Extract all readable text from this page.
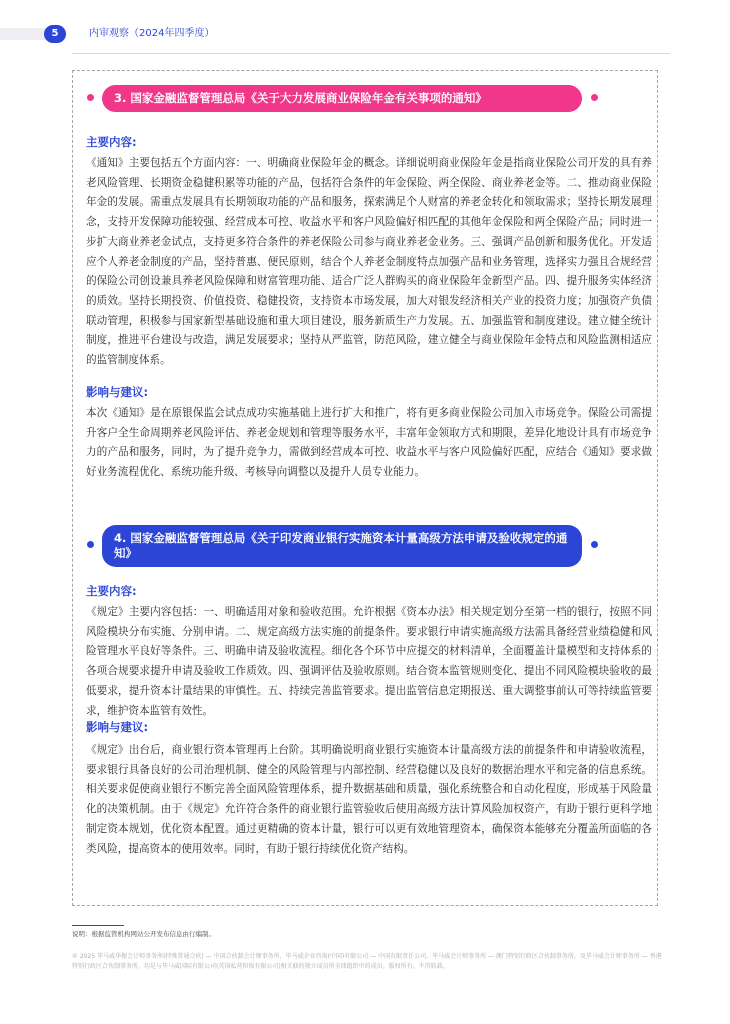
5	内审观察（2024年四季度）
3. 国家金融监督管理总局《关于大力发展商业保险年金有关事项的通知》
主要内容:

《通知》主要包括五个方面内容：一、明确商业保险年金的概念。详细说明商业保险年金是指商业保险公司开发的具有养老风险管理、长期资金稳健积累等功能的产品，包括符合条件的年金保险、两全保险、商业养老金等。二、推动商业保险年金的发展。需重点发展具有长期领取功能的产品和服务，探索满足个人财富的养老金转化和领取需求；坚持长期发展理念，支持开发保障功能较强、经营成本可控、收益水平和客户风险偏好相匹配的其他年金保险和两全保险产品；同时进一步扩大商业养老金试点，支持更多符合条件的养老保险公司参与商业养老金业务。三、强调产品创新和服务优化。开发适应个人养老金制度的产品，坚持普惠、便民原则，结合个人养老金制度特点加强产品和业务管理，选择实力强且合规经营的保险公司创设兼具养老风险保障和财富管理功能、适合广泛人群购买的商业保险年金新型产品。四、提升服务实体经济的质效。坚持长期投资、价值投资、稳健投资，支持资本市场发展，加大对银发经济相关产业的投资力度；加强资产负债联动管理，积极参与国家新型基础设施和重大项目建设，服务新质生产力发展。五、加强监管和制度建设。建立健全统计制度，推进平台建设与改造，满足发展要求；坚持从严监管，防范风险，建立健全与商业保险年金特点和风险监测相适应的监管制度体系。

影响与建议:

本次《通知》是在原银保监会试点成功实施基础上进行扩大和推广，将有更多商业保险公司加入市场竞争。保险公司需提升客户全生命周期养老风险评估、养老金规划和管理等服务水平，丰富年金领取方式和期限，差异化地设计具有市场竞争力的产品和服务，同时，为了提升竞争力，需做到经营成本可控、收益水平与客户风险偏好匹配，应结合《通知》要求做好业务流程优化、系统功能升级、考核导向调整以及提升人员专业能力。

4. 国家金融监督管理总局《关于印发商业银行实施资本计量高级方法申请及验收规定的通知》
主要内容:

《规定》主要内容包括：一、明确适用对象和验收范围。允许根据《资本办法》相关规定划分至第一档的银行，按照不同风险模块分布实施、分别申请。二、规定高级方法实施的前提条件。要求银行申请实施高级方法需具备经营业绩稳健和风险管理水平良好等条件。三、明确申请及验收流程。细化各个环节中应提交的材料清单，全面覆盖计量模型和支持体系的各项合规要求提升申请及验收工作质效。四、强调评估及验收原则。结合资本监管规则变化、提出不同风险模块验收的最低要求，提升资本计量结果的审慎性。五、持续完善监管要求。提出监管信息定期报送、重大调整事前认可等持续监管要求，维护资本监管有效性。

影响与建议:

《规定》出台后，商业银行资本管理再上台阶。其明确说明商业银行实施资本计量高级方法的前提条件和申请验收流程，要求银行具备良好的公司治理机制、健全的风险管理与内部控制、经营稳健以及良好的数据治理水平和完备的信息系统。相关要求促使商业银行不断完善全面风险管理体系，提升数据基础和质量，强化系统整合和自动化程度，形成基于风险量化的决策机制。由于《规定》允许符合条件的商业银行监管验收后使用高级方法计算风险加权资产，有助于银行更科学地制定资本规划，优化资本配置。通过更精确的资本计量，银行可以更有效地管理资本，确保资本能够充分覆盖所面临的各类风险，提高资本的使用效率。同时，有助于银行持续优化资产结构。

说明：根据监管机构网站公开发布信息由行编制。

© 2025 毕马威华振会计师事务所(特殊普通合伙) — 中国合伙制会计师事务所，毕马威企业咨询(中国)有限公司 — 中国有限责任公司，毕马威会计师事务所 — 澳门特别行政区合伙制事务所，及毕马威会计师事务所 — 香港特别行政区合伙制事务所，均是与毕马威国际有限公司(英国私营担保有限公司)相关联的独立成员所全球组织中的成员。版权所有，不得转载。
